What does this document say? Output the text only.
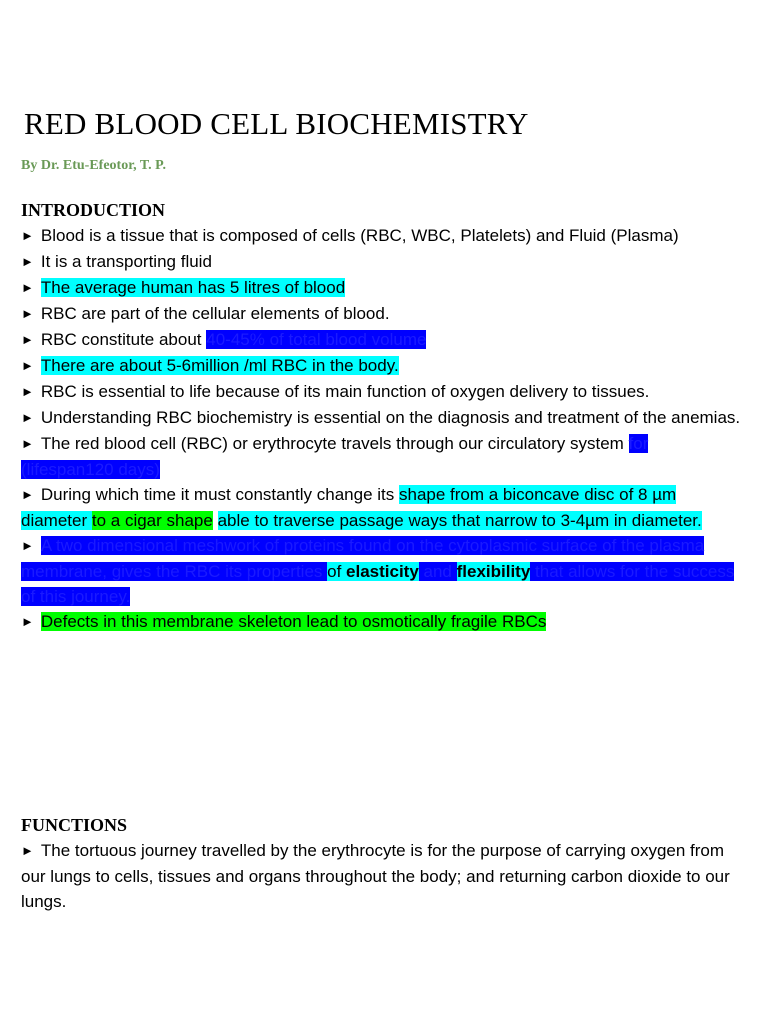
RED BLOOD CELL BIOCHEMISTRY
By Dr. Etu-Efeotor, T. P.
INTRODUCTION

► Blood is a tissue that is composed of cells (RBC, WBC, Platelets) and Fluid (Plasma)

► It is a transporting fluid

► The average human has 5 litres of blood

► RBC are part of the cellular elements of blood.

► RBC constitute about 40-45% of total blood volume

► There are about 5-6million /ml RBC in the body.

► RBC is essential to life because of its main function of oxygen delivery to tissues.

► Understanding RBC biochemistry is essential on the diagnosis and treatment of the anemias.

► The red blood cell (RBC) or erythrocyte travels through our circulatory system for (lifespan120 days)

► During which time it must constantly change its shape from a biconcave disc of 8 µm diameter to a cigar shape able to traverse passage ways that narrow to 3-4µm in diameter.

► A two dimensional meshwork of proteins found on the cytoplasmic surface of the plasma membrane, gives the RBC its properties of elasticity and flexibility that allows for the success of this journey.

► Defects in this membrane skeleton lead to osmotically fragile RBCs

FUNCTIONS

► The tortuous journey travelled by the erythrocyte is for the purpose of carrying oxygen from our lungs to cells, tissues and organs throughout the body; and returning carbon dioxide to our lungs.
